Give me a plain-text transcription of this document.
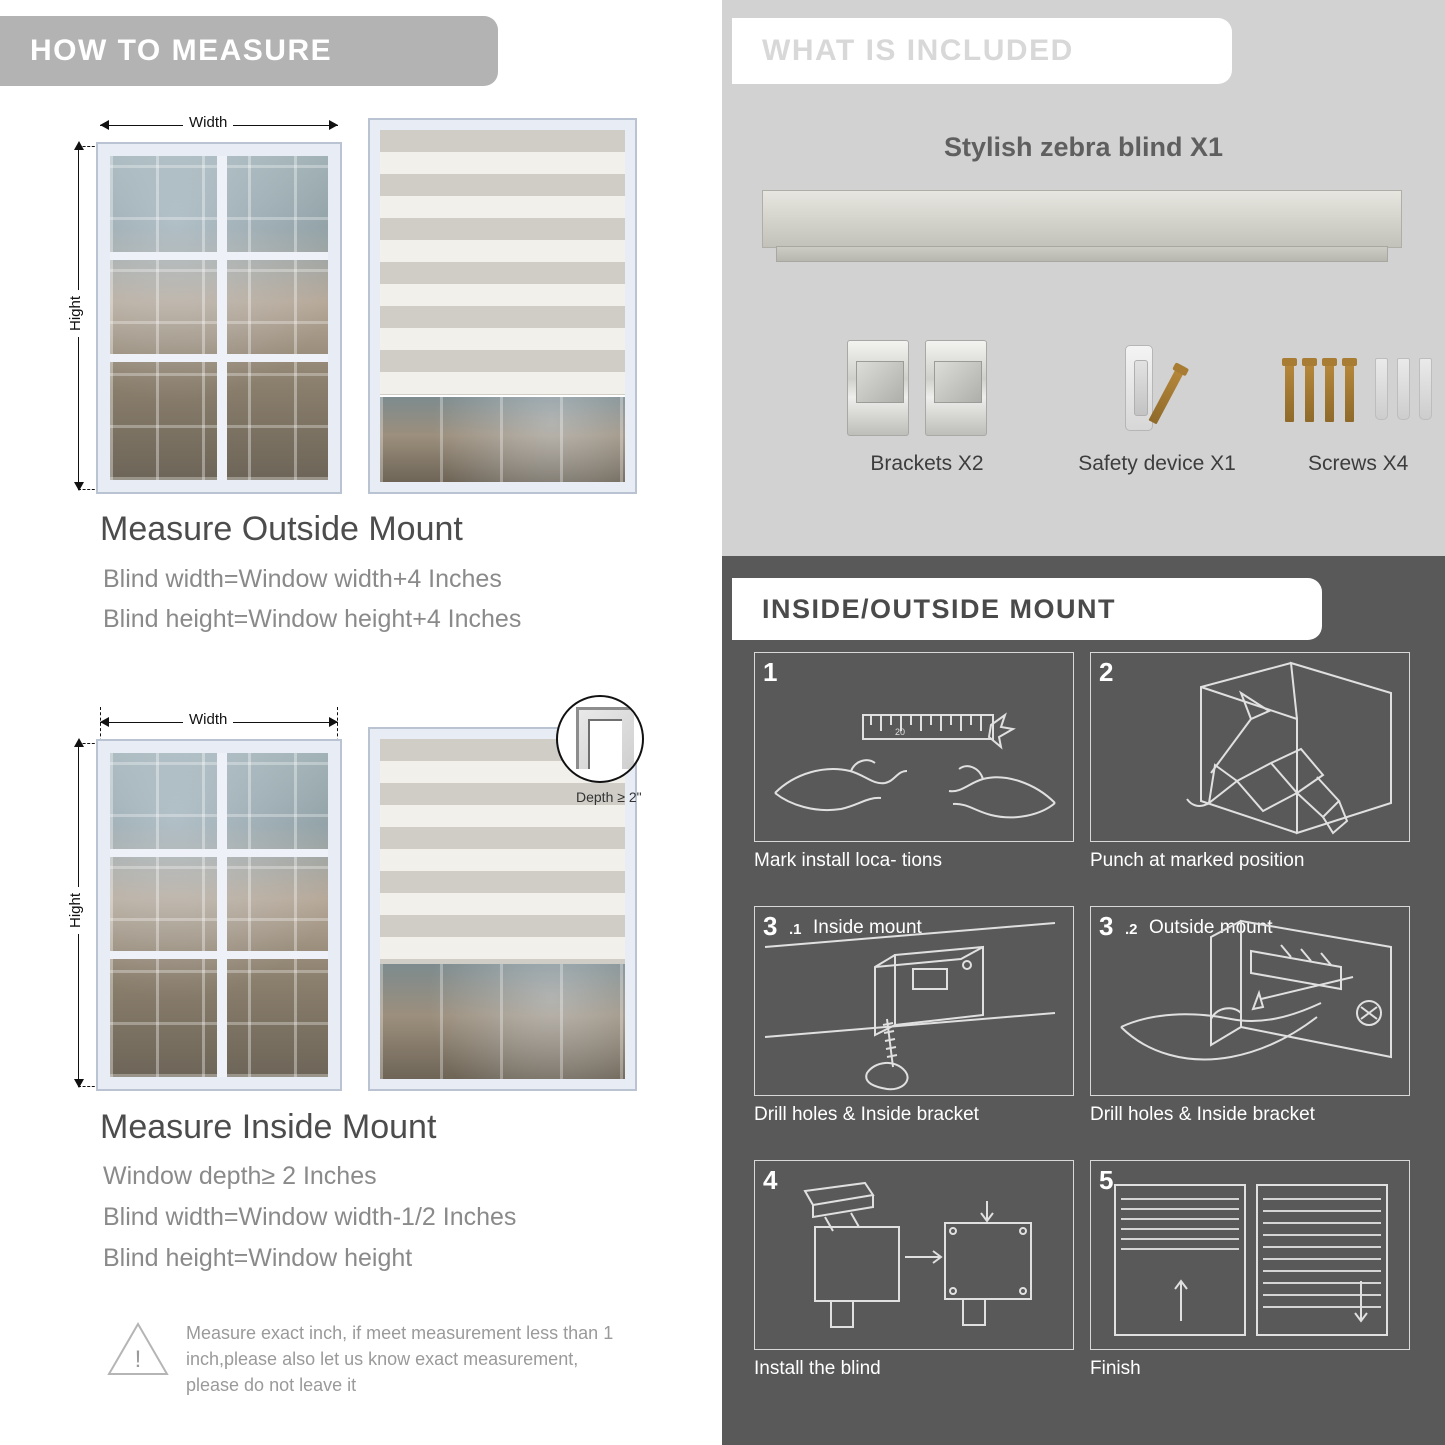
HOW TO MEASURE
Width
Hight
Measure Outside Mount
Blind width=Window width+4 Inches
Blind height=Window height+4 Inches
Width
Hight
Depth ≥ 2"
Measure Inside Mount
Window depth≥ 2 Inches
Blind width=Window width-1/2 Inches
Blind height=Window height
!
Measure exact inch, if meet measurement less than 1 inch,please also let us know exact measurement, please do not leave it
WHAT IS INCLUDED
Stylish zebra blind X1
Brackets X2	Safety device X1	Screws X4
INSIDE/OUTSIDE MOUNT
1
20
Mark install loca- tions
2
Punch at marked position
3 .1 Inside mount
Drill holes & Inside bracket
3 .2 Outside mount
Drill holes & Inside bracket
4
Install the blind
5
Finish
